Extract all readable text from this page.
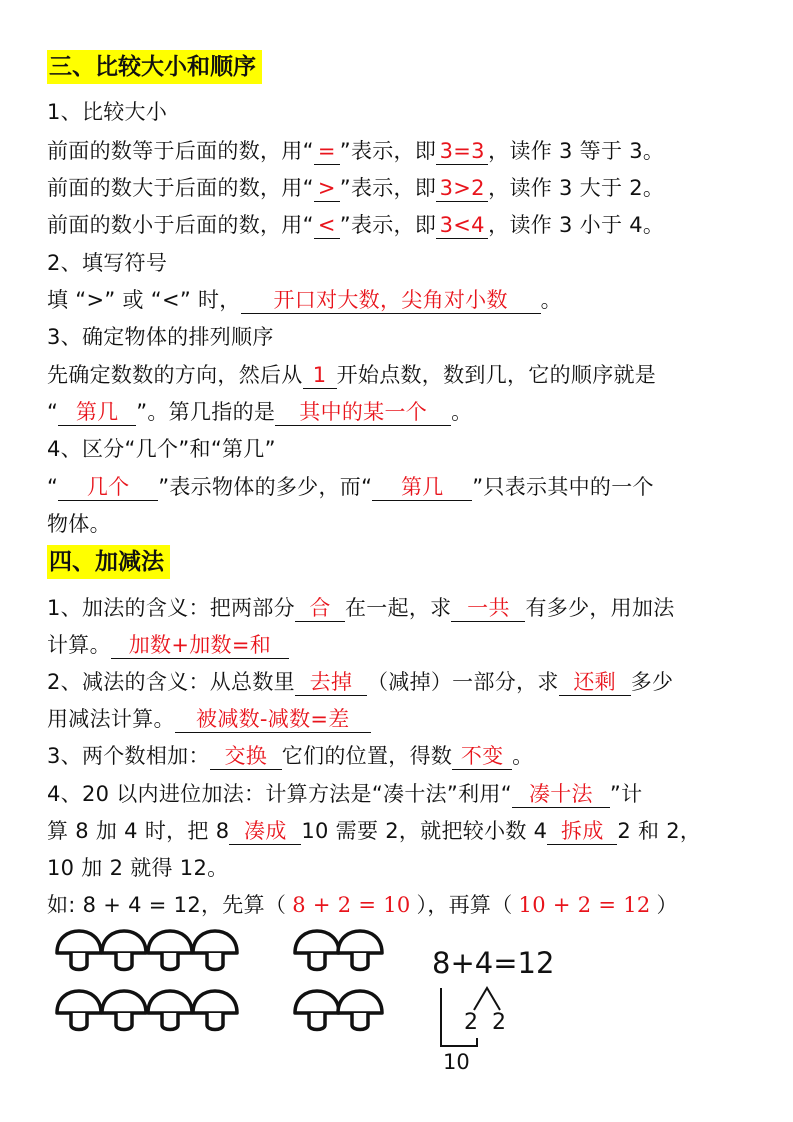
三、比较大小和顺序
1、比较大小
前面的数等于后面的数，用“ = ”表示，即 3=3 ，读作 3 等于 3。
前面的数大于后面的数，用“ > ”表示，即 3>2 ，读作 3 大于 2。
前面的数小于后面的数，用“ < ”表示，即 3<4 ，读作 3 小于 4。
2、填写符号
填 “>” 或 “<” 时， 开口对大数，尖角对小数 。
3、确定物体的排列顺序
先确定数数的方向，然后从 1 开始点数，数到几，它的顺序就是
“ 第几 ”。第几指的是 其中的某一个 。
4、区分“几个”和“第几”
“ 几个 ”表示物体的多少，而“ 第几 ”只表示其中的一个
物体。
四、加减法
1、加法的含义：把两部分 合 在一起，求 一共 有多少，用加法
计算。 加数+加数=和
2、减法的含义：从总数里 去掉 （减掉）一部分，求 还剩 多少
用减法计算。 被减数-减数=差
3、两个数相加： 交换 它们的位置，得数 不变 。
4、20 以内进位加法：计算方法是“凑十法”利用“ 凑十法 ”计
算 8 加 4 时，把 8 凑成 10 需要 2，就把较小数 4 拆成 2 和 2，
10 加 2 就得 12。
如: 8 + 4 = 12，先算（ 8 + 2 = 10 ），再算（ 10 + 2 = 12 ）
8+4=12
2 2
10
